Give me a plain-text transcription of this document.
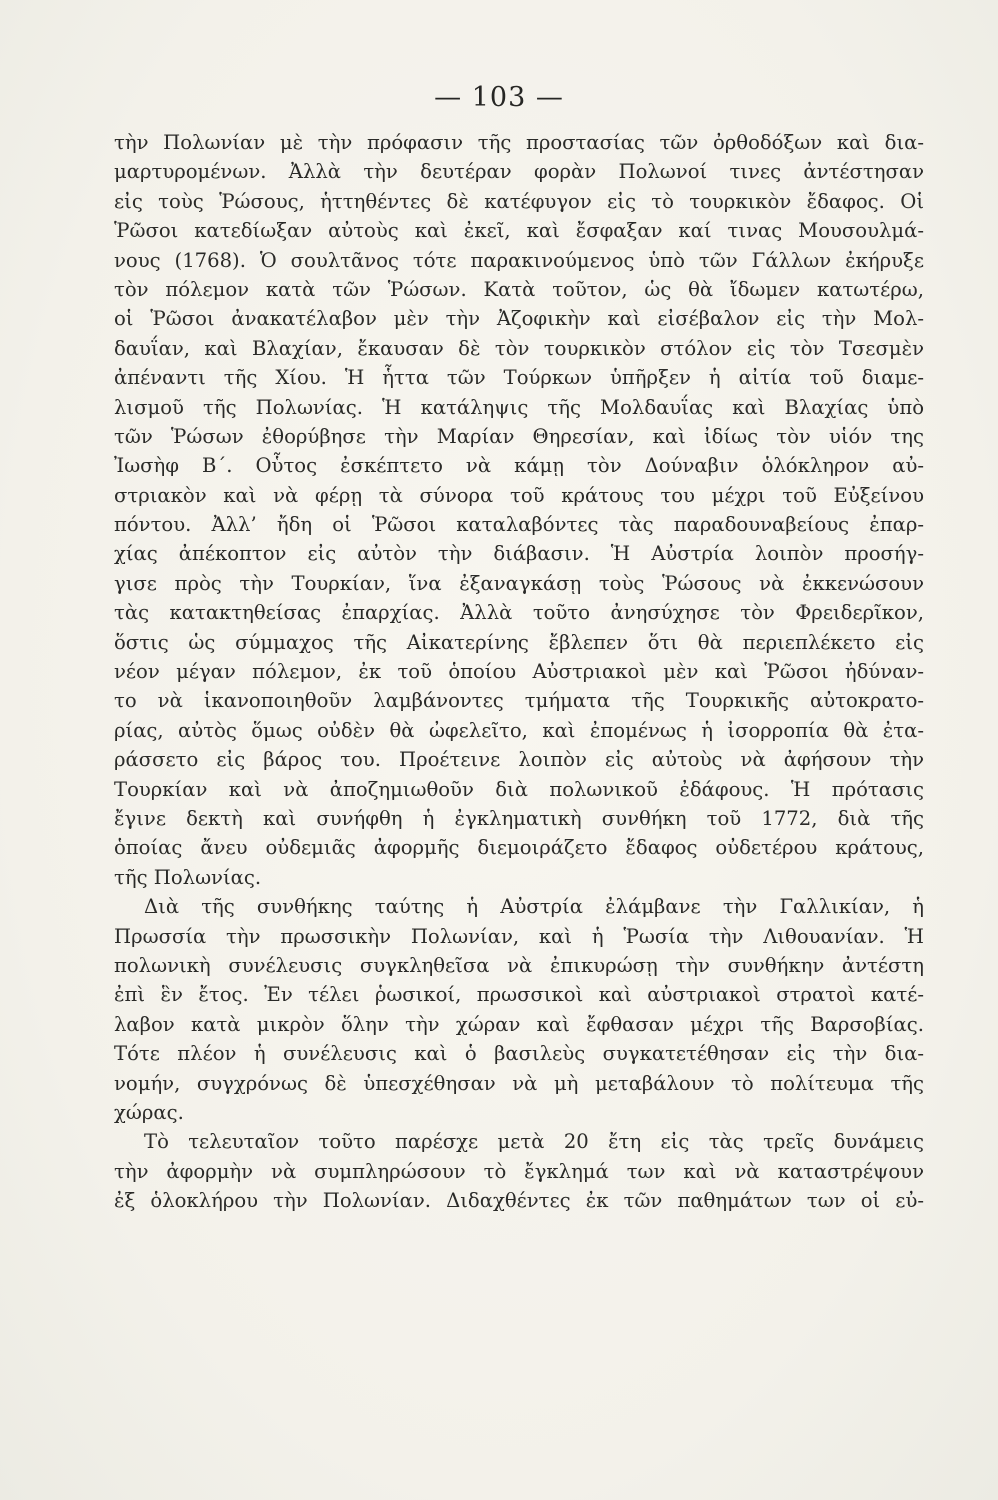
— 103 —
τὴν Πολωνίαν μὲ τὴν πρόφασιν τῆς προστασίας τῶν ὀρθοδόξων καὶ δια-
μαρτυρομένων. Ἀλλὰ τὴν δευτέραν φορὰν Πολωνοί τινες ἀντέστησαν
εἰς τοὺς Ῥώσους, ἡττηθέντες δὲ κατέφυγον εἰς τὸ τουρκικὸν ἔδαφος. Οἱ
Ῥῶσοι κατεδίωξαν αὐτοὺς καὶ ἐκεῖ, καὶ ἔσφαξαν καί τινας Μουσουλμά-
νους (1768). Ὁ σουλτᾶνος τότε παρακινούμενος ὑπὸ τῶν Γάλλων ἐκήρυξε
τὸν πόλεμον κατὰ τῶν Ῥώσων. Κατὰ τοῦτον, ὡς θὰ ἴδωμεν κατωτέρω,
οἱ Ῥῶσοι ἀνακατέλαβον μὲν τὴν Ἀζοφικὴν καὶ εἰσέβαλον εἰς τὴν Μολ-
δαυΐαν, καὶ Βλαχίαν, ἔκαυσαν δὲ τὸν τουρκικὸν στόλον εἰς τὸν Τσεσμὲν
ἀπέναντι τῆς Χίου. Ἡ ἧττα τῶν Τούρκων ὑπῆρξεν ἡ αἰτία τοῦ διαμε-
λισμοῦ τῆς Πολωνίας. Ἡ κατάληψις τῆς Μολδαυΐας καὶ Βλαχίας ὑπὸ
τῶν Ῥώσων ἐθορύβησε τὴν Μαρίαν Θηρεσίαν, καὶ ἰδίως τὸν υἱόν της
Ἰωσὴφ Β΄. Οὗτος ἐσκέπτετο νὰ κάμῃ τὸν Δούναβιν ὁλόκληρον αὐ-
στριακὸν καὶ νὰ φέρῃ τὰ σύνορα τοῦ κράτους του μέχρι τοῦ Εὐξείνου
πόντου. Ἀλλ’ ἤδη οἱ Ῥῶσοι καταλαβόντες τὰς παραδουναβείους ἐπαρ-
χίας ἀπέκοπτον εἰς αὐτὸν τὴν διάβασιν. Ἡ Αὐστρία λοιπὸν προσήγ-
γισε πρὸς τὴν Τουρκίαν, ἵνα ἐξαναγκάσῃ τοὺς Ῥώσους νὰ ἐκκενώσουν
τὰς κατακτηθείσας ἐπαρχίας. Ἀλλὰ τοῦτο ἀνησύχησε τὸν Φρειδερῖκον,
ὅστις ὡς σύμμαχος τῆς Αἰκατερίνης ἔβλεπεν ὅτι θὰ περιεπλέκετο εἰς
νέον μέγαν πόλεμον, ἐκ τοῦ ὁποίου Αὐστριακοὶ μὲν καὶ Ῥῶσοι ἠδύναν-
το νὰ ἱκανοποιηθοῦν λαμβάνοντες τμήματα τῆς Τουρκικῆς αὐτοκρατο-
ρίας, αὐτὸς ὅμως οὐδὲν θὰ ὠφελεῖτο, καὶ ἐπομένως ἡ ἰσορροπία θὰ ἐτα-
ράσσετο εἰς βάρος του. Προέτεινε λοιπὸν εἰς αὐτοὺς νὰ ἀφήσουν τὴν
Τουρκίαν καὶ νὰ ἀποζημιωθοῦν διὰ πολωνικοῦ ἐδάφους. Ἡ πρότασις
ἔγινε δεκτὴ καὶ συνήφθη ἡ ἐγκληματικὴ συνθήκη τοῦ 1772, διὰ τῆς
ὁποίας ἄνευ οὐδεμιᾶς ἀφορμῆς διεμοιράζετο ἔδαφος οὐδετέρου κράτους,
τῆς Πολωνίας.
Διὰ τῆς συνθήκης ταύτης ἡ Αὐστρία ἐλάμβανε τὴν Γαλλικίαν, ἡ
Πρωσσία τὴν πρωσσικὴν Πολωνίαν, καὶ ἡ Ῥωσία τὴν Λιθουανίαν. Ἡ
πολωνικὴ συνέλευσις συγκληθεῖσα νὰ ἐπικυρώσῃ τὴν συνθήκην ἀντέστη
ἐπὶ ἓν ἔτος. Ἐν τέλει ῥωσικοί, πρωσσικοὶ καὶ αὐστριακοὶ στρατοὶ κατέ-
λαβον κατὰ μικρὸν ὅλην τὴν χώραν καὶ ἔφθασαν μέχρι τῆς Βαρσοβίας.
Τότε πλέον ἡ συνέλευσις καὶ ὁ βασιλεὺς συγκατετέθησαν εἰς τὴν δια-
νομήν, συγχρόνως δὲ ὑπεσχέθησαν νὰ μὴ μεταβάλουν τὸ πολίτευμα τῆς
χώρας.
Τὸ τελευταῖον τοῦτο παρέσχε μετὰ 20 ἔτη εἰς τὰς τρεῖς δυνάμεις
τὴν ἀφορμὴν νὰ συμπληρώσουν τὸ ἔγκλημά των καὶ νὰ καταστρέψουν
ἐξ ὁλοκλήρου τὴν Πολωνίαν. Διδαχθέντες ἐκ τῶν παθημάτων των οἱ εὐ-
